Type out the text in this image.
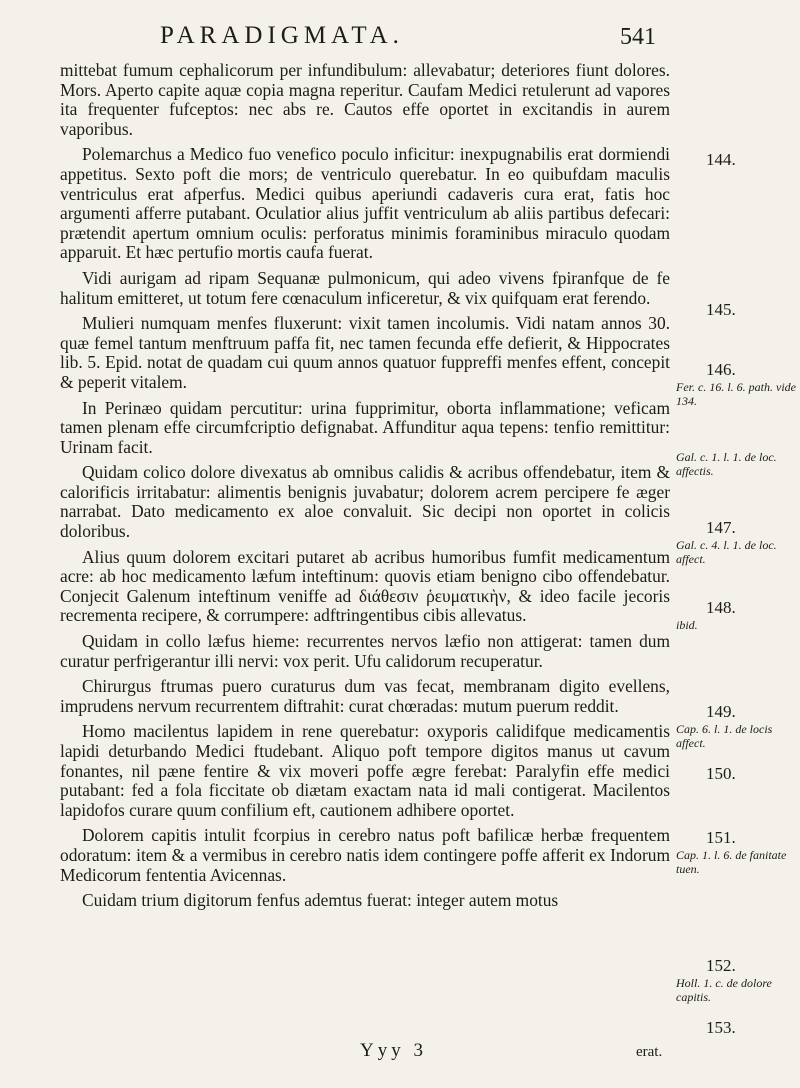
PARADIGMATA.	541

mittebat fumum cephalicorum per infundibulum: allevabatur; deteriores fiunt dolores. Mors. Aperto capite aquæ copia magna reperitur. Caufam Medici retulerunt ad vapores ita frequenter fufceptos: nec abs re. Cautos effe oportet in excitandis in aurem vaporibus.

Polemarchus a Medico fuo venefico poculo inficitur: inexpugnabilis erat dormiendi appetitus. Sexto poft die mors; de ventriculo querebatur. In eo quibufdam maculis ventriculus erat afperfus. Medici quibus aperiundi cadaveris cura erat, fatis hoc argumenti afferre putabant. Oculatior alius juffit ventriculum ab aliis partibus defecari: prætendit apertum omnium oculis: perforatus minimis foraminibus miraculo quodam apparuit. Et hæc pertufio mortis caufa fuerat.

Vidi aurigam ad ripam Sequanæ pulmonicum, qui adeo vivens fpiranfque de fe halitum emitteret, ut totum fere cœnaculum inficeretur, & vix quifquam erat ferendo.

Mulieri numquam menfes fluxerunt: vixit tamen incolumis. Vidi natam annos 30. quæ femel tantum menftruum paffa fit, nec tamen fecunda effe defierit, & Hippocrates lib. 5. Epid. notat de quadam cui quum annos quatuor fuppreffi menfes effent, concepit & peperit vitalem.

In Perinæo quidam percutitur: urina fupprimitur, oborta inflammatione; veficam tamen plenam effe circumfcriptio defignabat. Affunditur aqua tepens: tenfio remittitur: Urinam facit.

Quidam colico dolore divexatus ab omnibus calidis & acribus offendebatur, item & calorificis irritabatur: alimentis benignis juvabatur; dolorem acrem percipere fe æger narrabat. Dato medicamento ex aloe convaluit. Sic decipi non oportet in colicis doloribus.

Alius quum dolorem excitari putaret ab acribus humoribus fumfit medicamentum acre: ab hoc medicamento læfum inteftinum: quovis etiam benigno cibo offendebatur. Conjecit Galenum inteftinum veniffe ad διάθεσιν ῥευματικὴν, & ideo facile jecoris recrementa recipere, & corrumpere: adftringentibus cibis allevatus.

Quidam in collo læfus hieme: recurrentes nervos læfio non attigerat: tamen dum curatur perfrigerantur illi nervi: vox perit. Ufu calidorum recuperatur.

Chirurgus ftrumas puero curaturus dum vas fecat, membranam digito evellens, imprudens nervum recurrentem diftrahit: curat chœradas: mutum puerum reddit.

Homo macilentus lapidem in rene querebatur: oxyporis calidifque medicamentis lapidi deturbando Medici ftudebant. Aliquo poft tempore digitos manus ut cavum fonantes, nil pæne fentire & vix moveri poffe ægre ferebat: Paralyfin effe medici putabant: fed a fola ficcitate ob diætam exactam nata id mali contigerat. Macilentos lapidofos curare quum confilium eft, cautionem adhibere oportet.

Dolorem capitis intulit fcorpius in cerebro natus poft bafilicæ herbæ frequentem odoratum: item & a vermibus in cerebro natis idem contingere poffe afferit ex Indorum Medicorum fententia Avicennas.

Cuidam trium digitorum fenfus ademtus fuerat: integer autem motus

144.
145.
146.
Fer. c. 16. l. 6. path. vide 134.
Gal. c. 1. l. 1. de loc. affectis.
147.
Gal. c. 4. l. 1. de loc. affect.
148.
ibid.
149.
Cap. 6. l. 1. de locis affect.
150.
151.
Cap. 1. l. 6. de fanitate tuen.
152.
Holl. 1. c. de dolore capitis.
153.
Yyy 3	erat.
